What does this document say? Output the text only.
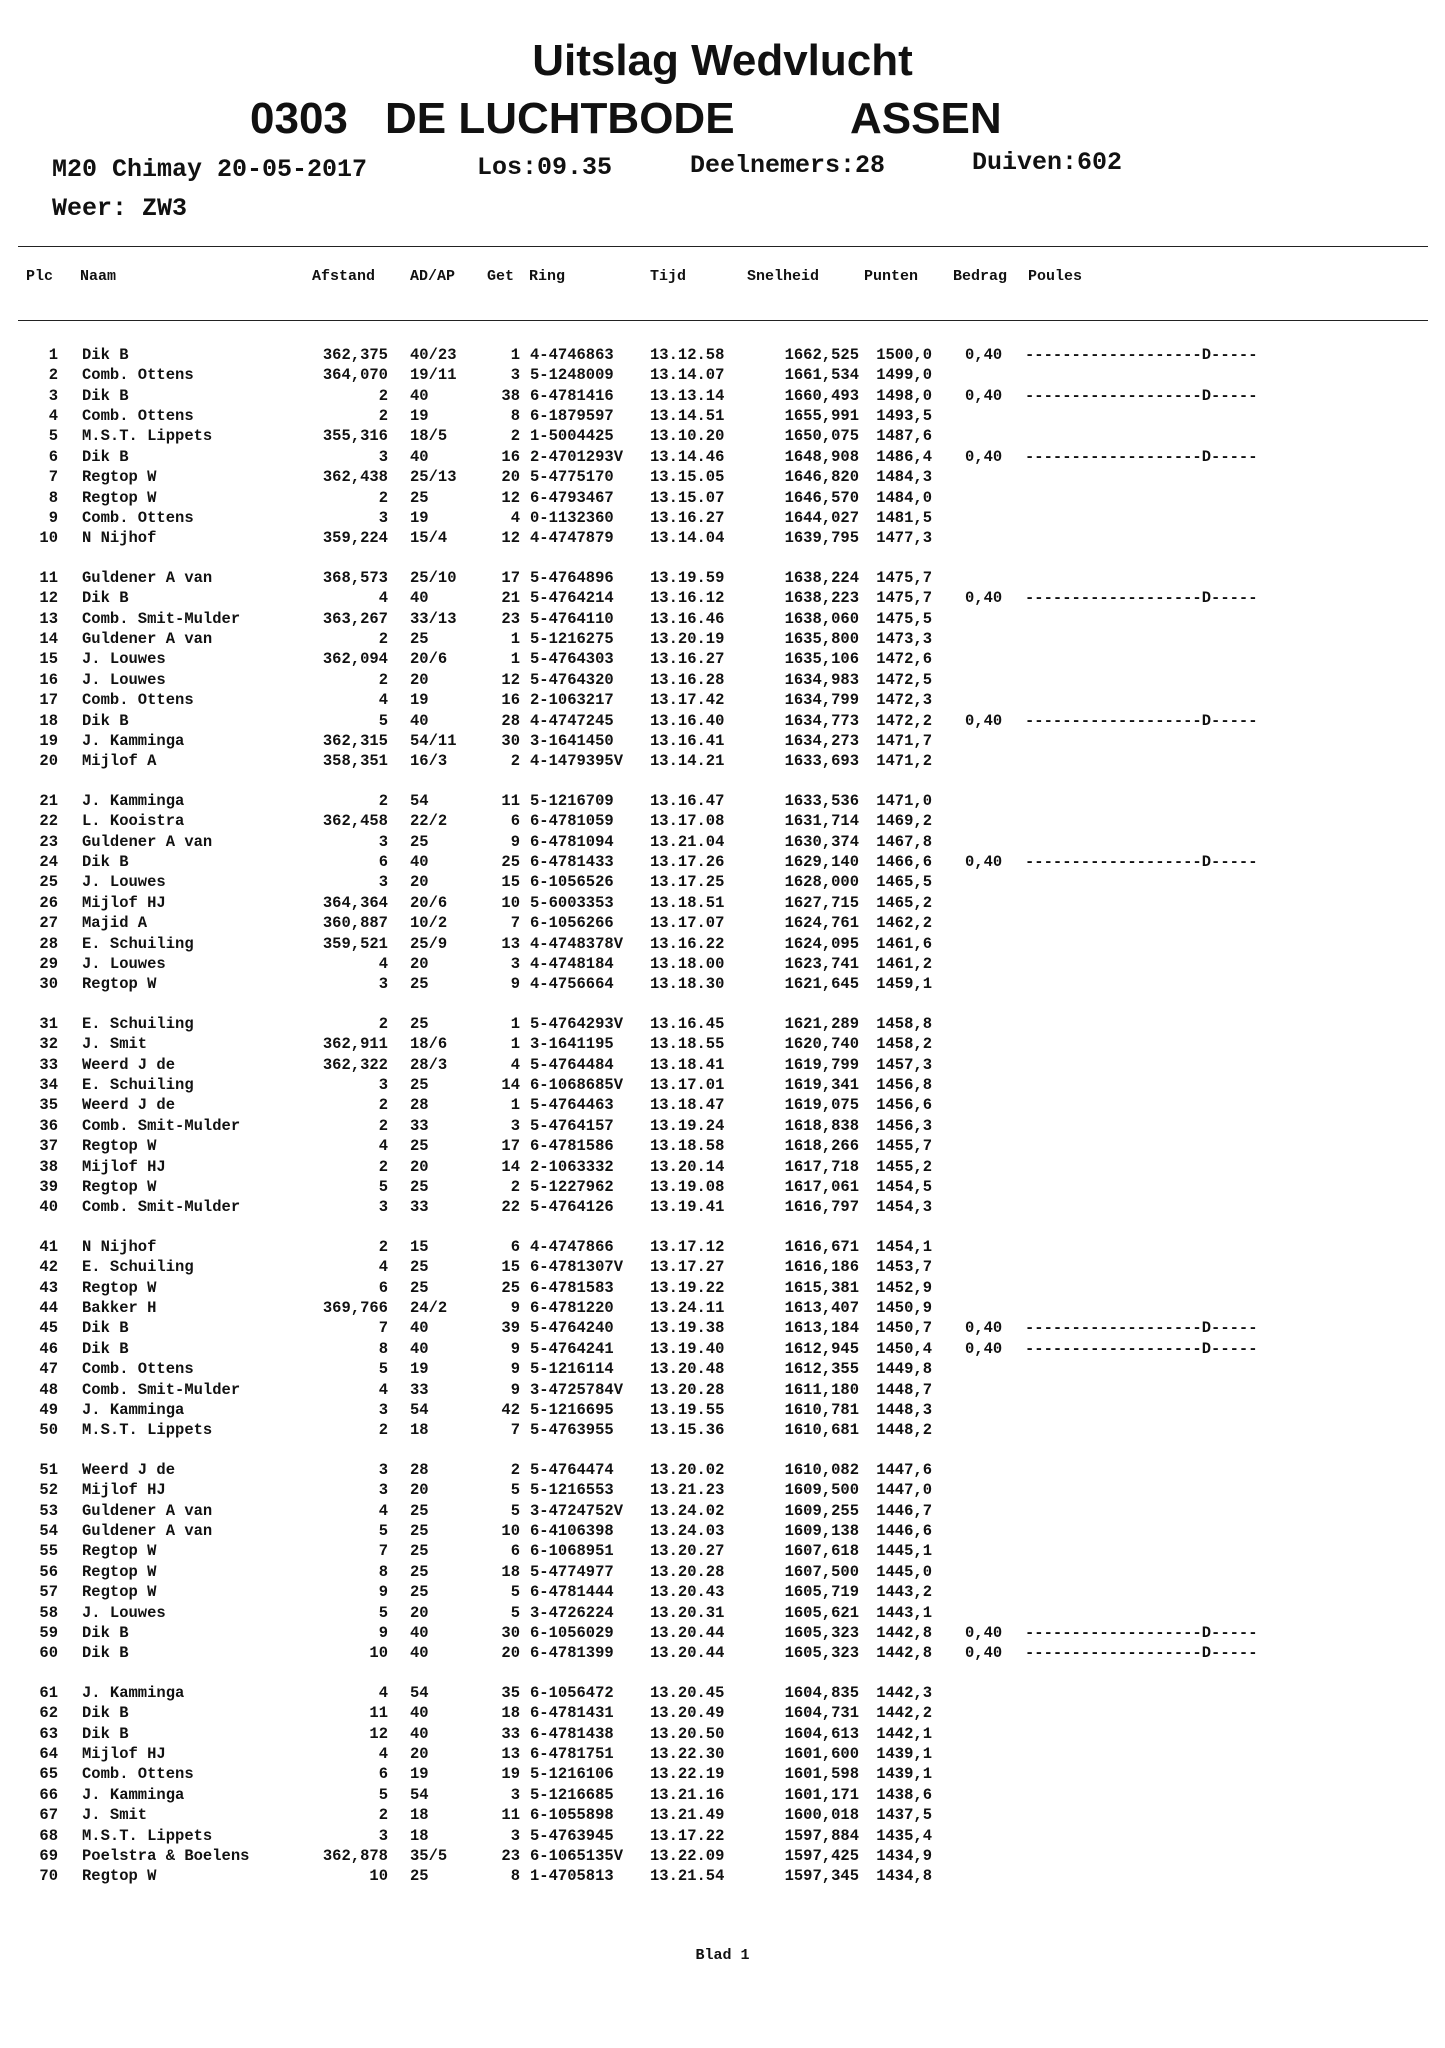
Uitslag Wedvlucht
0303 DE LUCHTBODE	ASSEN
M20 Chimay 20-05-2017	Los:09.35	Deelnemers:28	Duiven:602
Weer: ZW3
Plc Naam	Afstand AD/AP Get Ring	Tijd	Snelheid	Punten Bedrag Poules
1 Dik B	362,375 40/23	1 4-4746863 13.12.58	1662,525	1500,0 0,40 -------------------D-----
2 Comb. Ottens	364,070 19/11	3 5-1248009 13.14.07	1661,534	1499,0
3 Dik B	2 40	38 6-4781416 13.13.14	1660,493	1498,0 0,40 -------------------D-----
4 Comb. Ottens	2 19	8 6-1879597 13.14.51	1655,991	1493,5
5 M.S.T. Lippets	355,316 18/5	2 1-5004425 13.10.20	1650,075	1487,6
6 Dik B	3 40	16 2-4701293V 13.14.46	1648,908	1486,4 0,40 -------------------D-----
7 Regtop W	362,438 25/13	20 5-4775170 13.15.05	1646,820	1484,3
8 Regtop W	2 25	12 6-4793467 13.15.07	1646,570	1484,0
9 Comb. Ottens	3 19	4 0-1132360 13.16.27	1644,027	1481,5
10 N Nijhof	359,224 15/4	12 4-4747879 13.14.04	1639,795	1477,3
11 Guldener A van	368,573 25/10	17 5-4764896 13.19.59	1638,224	1475,7
12 Dik B	4 40	21 5-4764214 13.16.12	1638,223	1475,7 0,40 -------------------D-----
13 Comb. Smit-Mulder	363,267 33/13	23 5-4764110 13.16.46	1638,060	1475,5
14 Guldener A van	2 25	1 5-1216275 13.20.19	1635,800	1473,3
15 J. Louwes	362,094 20/6	1 5-4764303 13.16.27	1635,106	1472,6
16 J. Louwes	2 20	12 5-4764320 13.16.28	1634,983	1472,5
17 Comb. Ottens	4 19	16 2-1063217 13.17.42	1634,799	1472,3
18 Dik B	5 40	28 4-4747245 13.16.40	1634,773	1472,2 0,40 -------------------D-----
19 J. Kamminga	362,315 54/11	30 3-1641450 13.16.41	1634,273	1471,7
20 Mijlof A	358,351 16/3	2 4-1479395V 13.14.21	1633,693	1471,2
21 J. Kamminga	2 54	11 5-1216709 13.16.47	1633,536	1471,0
22 L. Kooistra	362,458 22/2	6 6-4781059 13.17.08	1631,714	1469,2
23 Guldener A van	3 25	9 6-4781094 13.21.04	1630,374	1467,8
24 Dik B	6 40	25 6-4781433 13.17.26	1629,140	1466,6 0,40 -------------------D-----
25 J. Louwes	3 20	15 6-1056526 13.17.25	1628,000	1465,5
26 Mijlof HJ	364,364 20/6	10 5-6003353 13.18.51	1627,715	1465,2
27 Majid A	360,887 10/2	7 6-1056266 13.17.07	1624,761	1462,2
28 E. Schuiling	359,521 25/9	13 4-4748378V 13.16.22	1624,095	1461,6
29 J. Louwes	4 20	3 4-4748184 13.18.00	1623,741	1461,2
30 Regtop W	3 25	9 4-4756664 13.18.30	1621,645	1459,1
31 E. Schuiling	2 25	1 5-4764293V 13.16.45	1621,289	1458,8
32 J. Smit	362,911 18/6	1 3-1641195 13.18.55	1620,740	1458,2
33 Weerd J de	362,322 28/3	4 5-4764484 13.18.41	1619,799	1457,3
34 E. Schuiling	3 25	14 6-1068685V 13.17.01	1619,341	1456,8
35 Weerd J de	2 28	1 5-4764463 13.18.47	1619,075	1456,6
36 Comb. Smit-Mulder	2 33	3 5-4764157 13.19.24	1618,838	1456,3
37 Regtop W	4 25	17 6-4781586 13.18.58	1618,266	1455,7
38 Mijlof HJ	2 20	14 2-1063332 13.20.14	1617,718	1455,2
39 Regtop W	5 25	2 5-1227962 13.19.08	1617,061	1454,5
40 Comb. Smit-Mulder	3 33	22 5-4764126 13.19.41	1616,797	1454,3
41 N Nijhof	2 15	6 4-4747866 13.17.12	1616,671	1454,1
42 E. Schuiling	4 25	15 6-4781307V 13.17.27	1616,186	1453,7
43 Regtop W	6 25	25 6-4781583 13.19.22	1615,381	1452,9
44 Bakker H	369,766 24/2	9 6-4781220 13.24.11	1613,407	1450,9
45 Dik B	7 40	39 5-4764240 13.19.38	1613,184	1450,7 0,40 -------------------D-----
46 Dik B	8 40	9 5-4764241 13.19.40	1612,945	1450,4 0,40 -------------------D-----
47 Comb. Ottens	5 19	9 5-1216114 13.20.48	1612,355	1449,8
48 Comb. Smit-Mulder	4 33	9 3-4725784V 13.20.28	1611,180	1448,7
49 J. Kamminga	3 54	42 5-1216695 13.19.55	1610,781	1448,3
50 M.S.T. Lippets	2 18	7 5-4763955 13.15.36	1610,681	1448,2
51 Weerd J de	3 28	2 5-4764474 13.20.02	1610,082	1447,6
52 Mijlof HJ	3 20	5 5-1216553 13.21.23	1609,500	1447,0
53 Guldener A van	4 25	5 3-4724752V 13.24.02	1609,255	1446,7
54 Guldener A van	5 25	10 6-4106398 13.24.03	1609,138	1446,6
55 Regtop W	7 25	6 6-1068951 13.20.27	1607,618	1445,1
56 Regtop W	8 25	18 5-4774977 13.20.28	1607,500	1445,0
57 Regtop W	9 25	5 6-4781444 13.20.43	1605,719	1443,2
58 J. Louwes	5 20	5 3-4726224 13.20.31	1605,621	1443,1
59 Dik B	9 40	30 6-1056029 13.20.44	1605,323	1442,8 0,40 -------------------D-----
60 Dik B	10 40	20 6-4781399 13.20.44	1605,323	1442,8 0,40 -------------------D-----
61 J. Kamminga	4 54	35 6-1056472 13.20.45	1604,835	1442,3
62 Dik B	11 40	18 6-4781431 13.20.49	1604,731	1442,2
63 Dik B	12 40	33 6-4781438 13.20.50	1604,613	1442,1
64 Mijlof HJ	4 20	13 6-4781751 13.22.30	1601,600	1439,1
65 Comb. Ottens	6 19	19 5-1216106 13.22.19	1601,598	1439,1
66 J. Kamminga	5 54	3 5-1216685 13.21.16	1601,171	1438,6
67 J. Smit	2 18	11 6-1055898 13.21.49	1600,018	1437,5
68 M.S.T. Lippets	3 18	3 5-4763945 13.17.22	1597,884	1435,4
69 Poelstra & Boelens	362,878 35/5	23 6-1065135V 13.22.09	1597,425	1434,9
70 Regtop W	10 25	8 1-4705813 13.21.54	1597,345	1434,8
Blad 1
